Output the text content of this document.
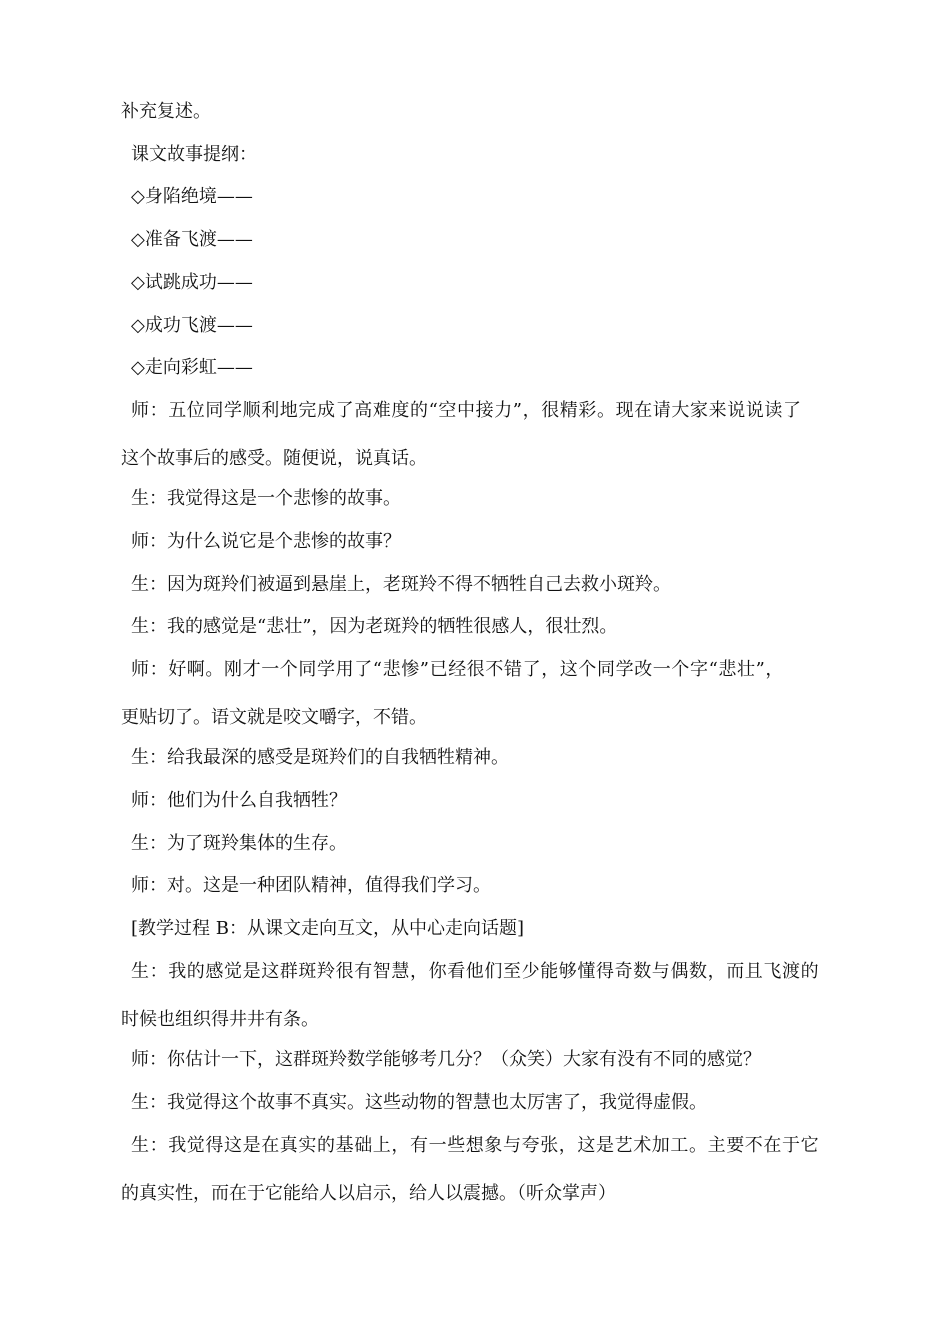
补充复述。
课文故事提纲：
◇身陷绝境——
◇准备飞渡——
◇试跳成功——
◇成功飞渡——
◇走向彩虹——
师：五位同学顺利地完成了高难度的“空中接力”，很精彩。现在请大家来说说读了
这个故事后的感受。随便说，说真话。
生：我觉得这是一个悲惨的故事。
师：为什么说它是个悲惨的故事？
生：因为斑羚们被逼到悬崖上，老斑羚不得不牺牲自己去救小斑羚。
生：我的感觉是“悲壮”，因为老斑羚的牺牲很感人，很壮烈。
师：好啊。刚才一个同学用了“悲惨”已经很不错了，这个同学改一个字“悲壮”，
更贴切了。语文就是咬文嚼字，不错。
生：给我最深的感受是斑羚们的自我牺牲精神。
师：他们为什么自我牺牲？
生：为了斑羚集体的生存。
师：对。这是一种团队精神，值得我们学习。
[教学过程 B：从课文走向互文，从中心走向话题]
生：我的感觉是这群斑羚很有智慧，你看他们至少能够懂得奇数与偶数，而且飞渡的
时候也组织得井井有条。
师：你估计一下，这群斑羚数学能够考几分？（众笑）大家有没有不同的感觉？
生：我觉得这个故事不真实。这些动物的智慧也太厉害了，我觉得虚假。
生：我觉得这是在真实的基础上，有一些想象与夸张，这是艺术加工。主要不在于它
的真实性，而在于它能给人以启示，给人以震撼。（听众掌声）
